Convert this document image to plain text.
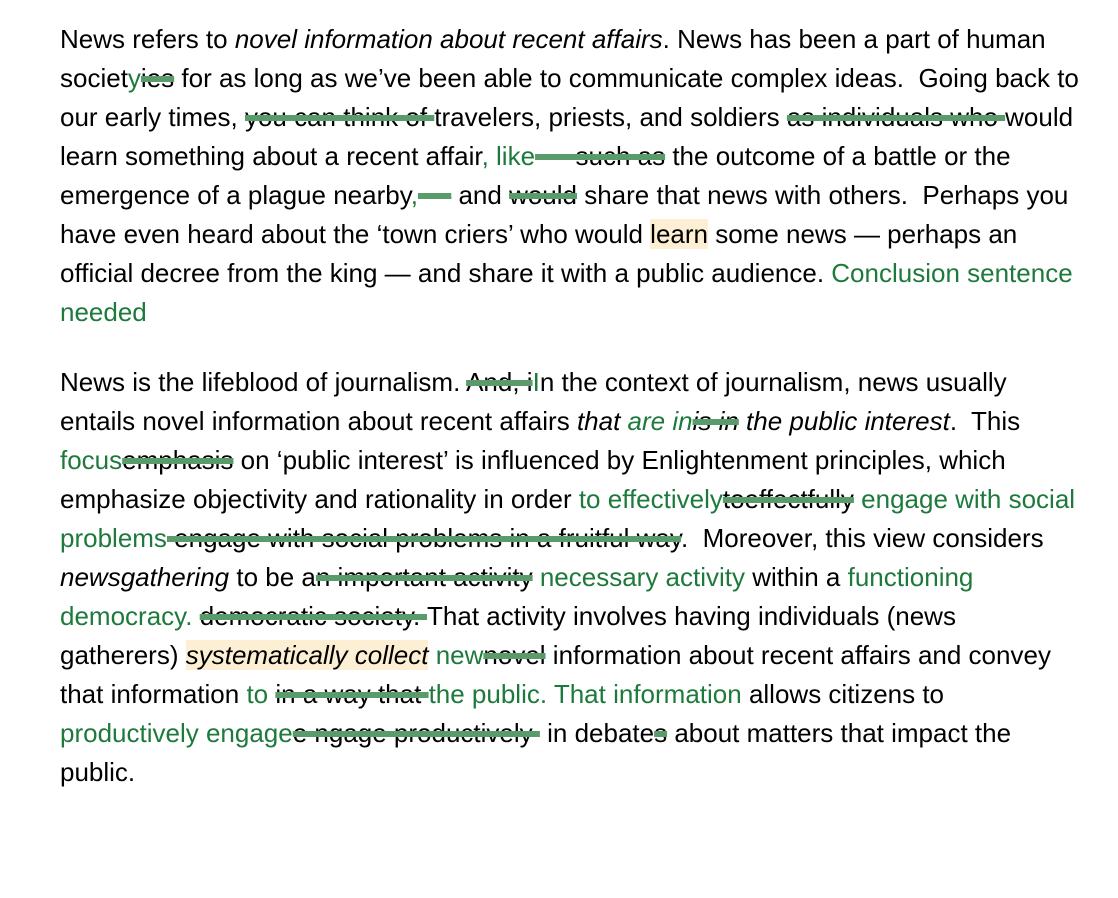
News refers to novel information about recent affairs. News has been a part of human societyies for as long as we’ve been able to communicate complex ideas.  Going back to our early times, you can think of travelers, priests, and soldiers as individuals who would learn something about a recent affair, like — such as the outcome of a battle or the emergence of a plague nearby, — and would share that news with others.  Perhaps you have even heard about the ‘town criers’ who would learn some news — perhaps an official decree from the king — and share it with a public audience. Conclusion sentence needed

News is the lifeblood of journalism. And, iIn the context of journalism, news usually entails novel information about recent affairs that are inis in the public interest.  This focusemphasis on ‘public interest’ is influenced by Enlightenment principles, which emphasize objectivity and rationality in order to effectivelytoeffectfully engage with social problems engage with social problems in a fruitful way.  Moreover, this view considers newsgathering to be an important activity necessary activity within a functioning democracy. democratic society. That activity involves having individuals (news gatherers) systematically collect newnovel information about recent affairs and convey that information to in a way that the public. That information allows citizens to productively engagee ngage productively  in debates about matters that impact the public.
